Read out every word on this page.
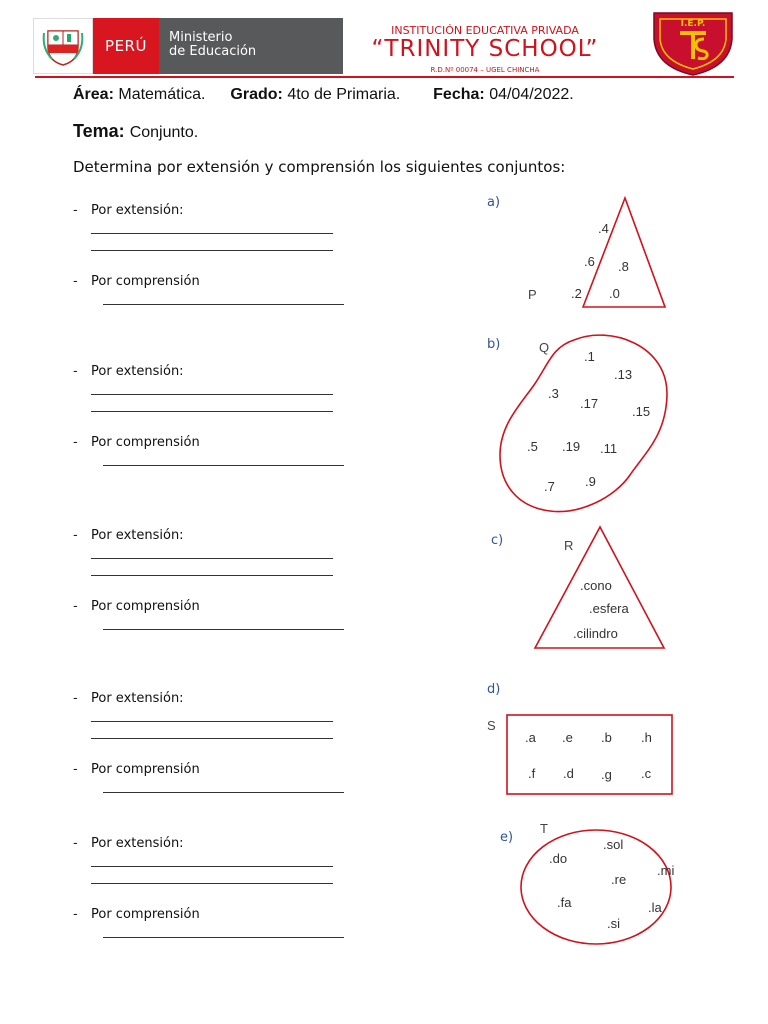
PERÚ	Ministerio
de Educación
INSTITUCIÓN EDUCATIVA PRIVADA
“TRINITY SCHOOL”
R.D.Nº 00074 – UGEL CHINCHA
I.E.P.
Área: Matemática. Grado: 4to de Primaria. Fecha: 04/04/2022.
Tema: Conjunto.
Determina por extensión y comprensión los siguientes conjuntos:
- Por extensión:
- Por comprensión
- Por extensión:
- Por comprensión
- Por extensión:
- Por comprensión
- Por extensión:
- Por comprensión
- Por extensión:
- Por comprensión
a)
P
.4
.6 .8
.2 .0
b)	Q
.1
.13
.3
.17
.15
.5 .19 .11
.7 .9
c)	R
.cono
.esfera
.cilindro
d)
S
.a .e .b .h
.f .d .g .c
e)
T
.sol
.do
.mi
.re
.fa	.la
.si
